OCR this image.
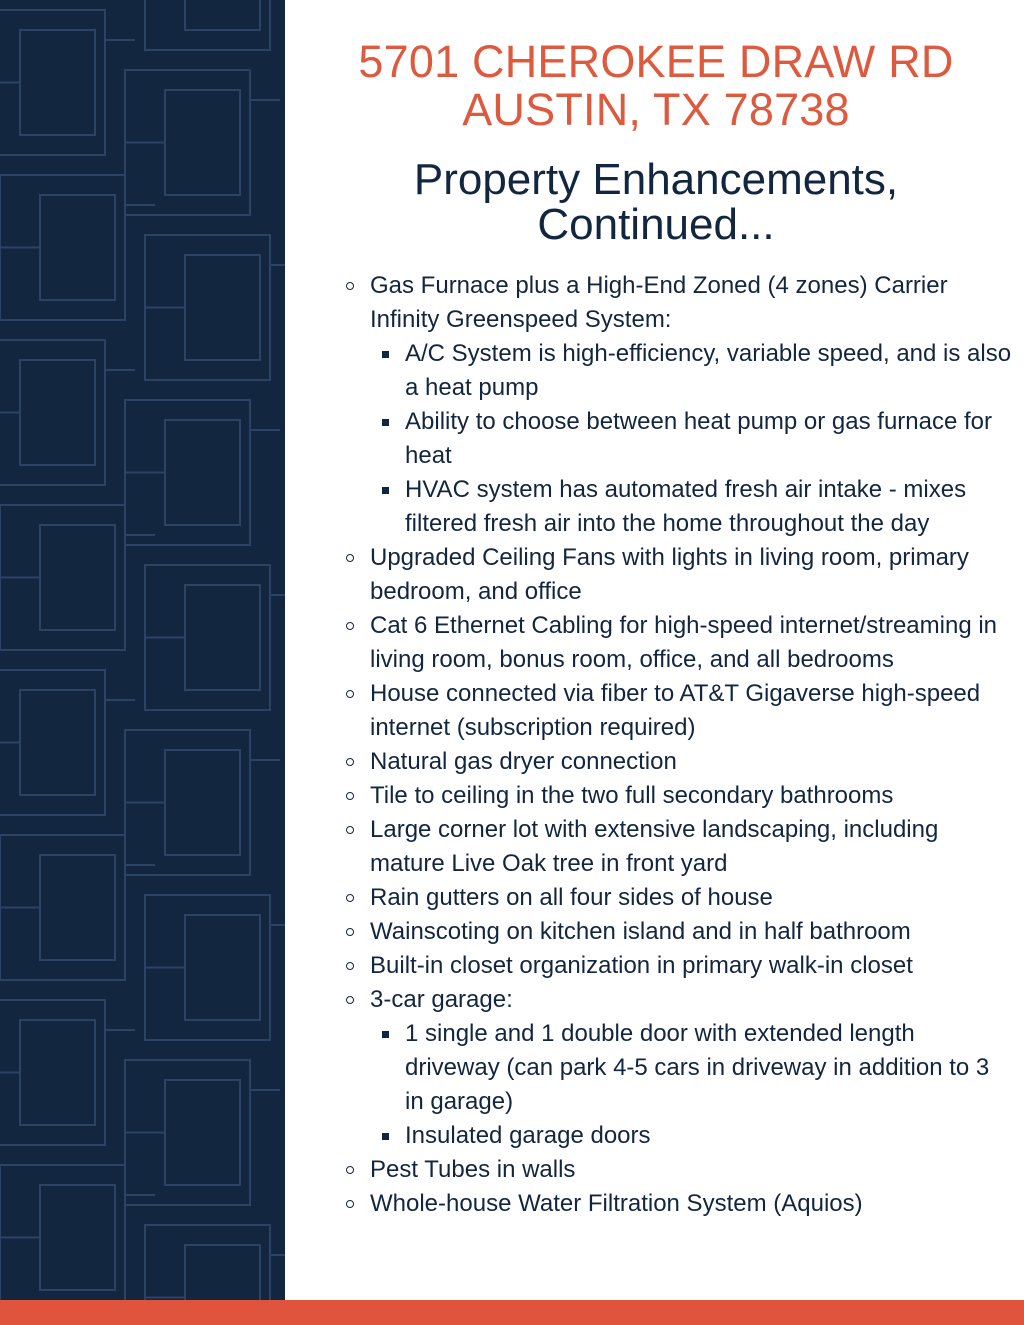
5701 CHEROKEE DRAW RD
AUSTIN, TX 78738
Property Enhancements,
Continued...
Gas Furnace plus a High-End Zoned (4 zones) Carrier Infinity Greenspeed System:
A/C System is high-efficiency, variable speed, and is also a heat pump
Ability to choose between heat pump or gas furnace for heat
HVAC system has automated fresh air intake - mixes filtered fresh air into the home throughout the day
Upgraded Ceiling Fans with lights in living room, primary bedroom, and office
Cat 6 Ethernet Cabling for high-speed internet/streaming in living room, bonus room, office, and all bedrooms
House connected via fiber to AT&T Gigaverse high-speed internet (subscription required)
Natural gas dryer connection
Tile to ceiling in the two full secondary bathrooms
Large corner lot with extensive landscaping, including mature Live Oak tree in front yard
Rain gutters on all four sides of house
Wainscoting on kitchen island and in half bathroom
Built-in closet organization in primary walk-in closet
3-car garage:
1 single and 1 double door with extended length driveway (can park 4-5 cars in driveway in addition to 3 in garage)
Insulated garage doors
Pest Tubes in walls
Whole-house Water Filtration System (Aquios)
